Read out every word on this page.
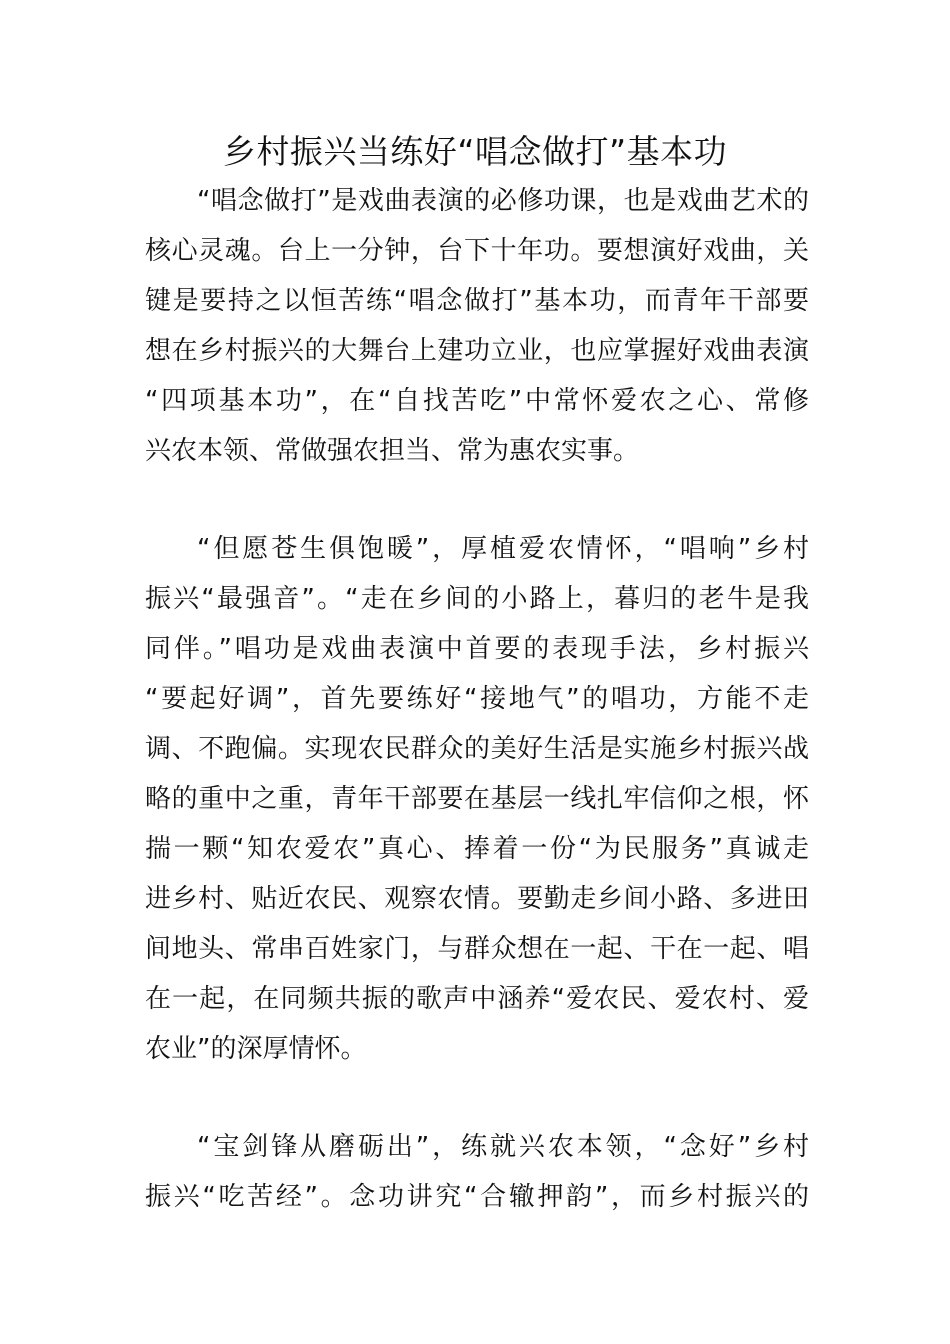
乡村振兴当练好“唱念做打”基本功
“唱念做打”是戏曲表演的必修功课，也是戏曲艺术的
核心灵魂。台上一分钟，台下十年功。要想演好戏曲，关
键是要持之以恒苦练“唱念做打”基本功，而青年干部要
想在乡村振兴的大舞台上建功立业，也应掌握好戏曲表演
“四项基本功”，在“自找苦吃”中常怀爱农之心、常修
兴农本领、常做强农担当、常为惠农实事。
“但愿苍生俱饱暖”，厚植爱农情怀，“唱响”乡村
振兴“最强音”。“走在乡间的小路上，暮归的老牛是我
同伴。”唱功是戏曲表演中首要的表现手法，乡村振兴
“要起好调”，首先要练好“接地气”的唱功，方能不走
调、不跑偏。实现农民群众的美好生活是实施乡村振兴战
略的重中之重，青年干部要在基层一线扎牢信仰之根，怀
揣一颗“知农爱农”真心、捧着一份“为民服务”真诚走
进乡村、贴近农民、观察农情。要勤走乡间小路、多进田
间地头、常串百姓家门，与群众想在一起、干在一起、唱
在一起，在同频共振的歌声中涵养“爱农民、爱农村、爱
农业”的深厚情怀。
“宝剑锋从磨砺出”，练就兴农本领，“念好”乡村
振兴“吃苦经”。念功讲究“合辙押韵”，而乡村振兴的
